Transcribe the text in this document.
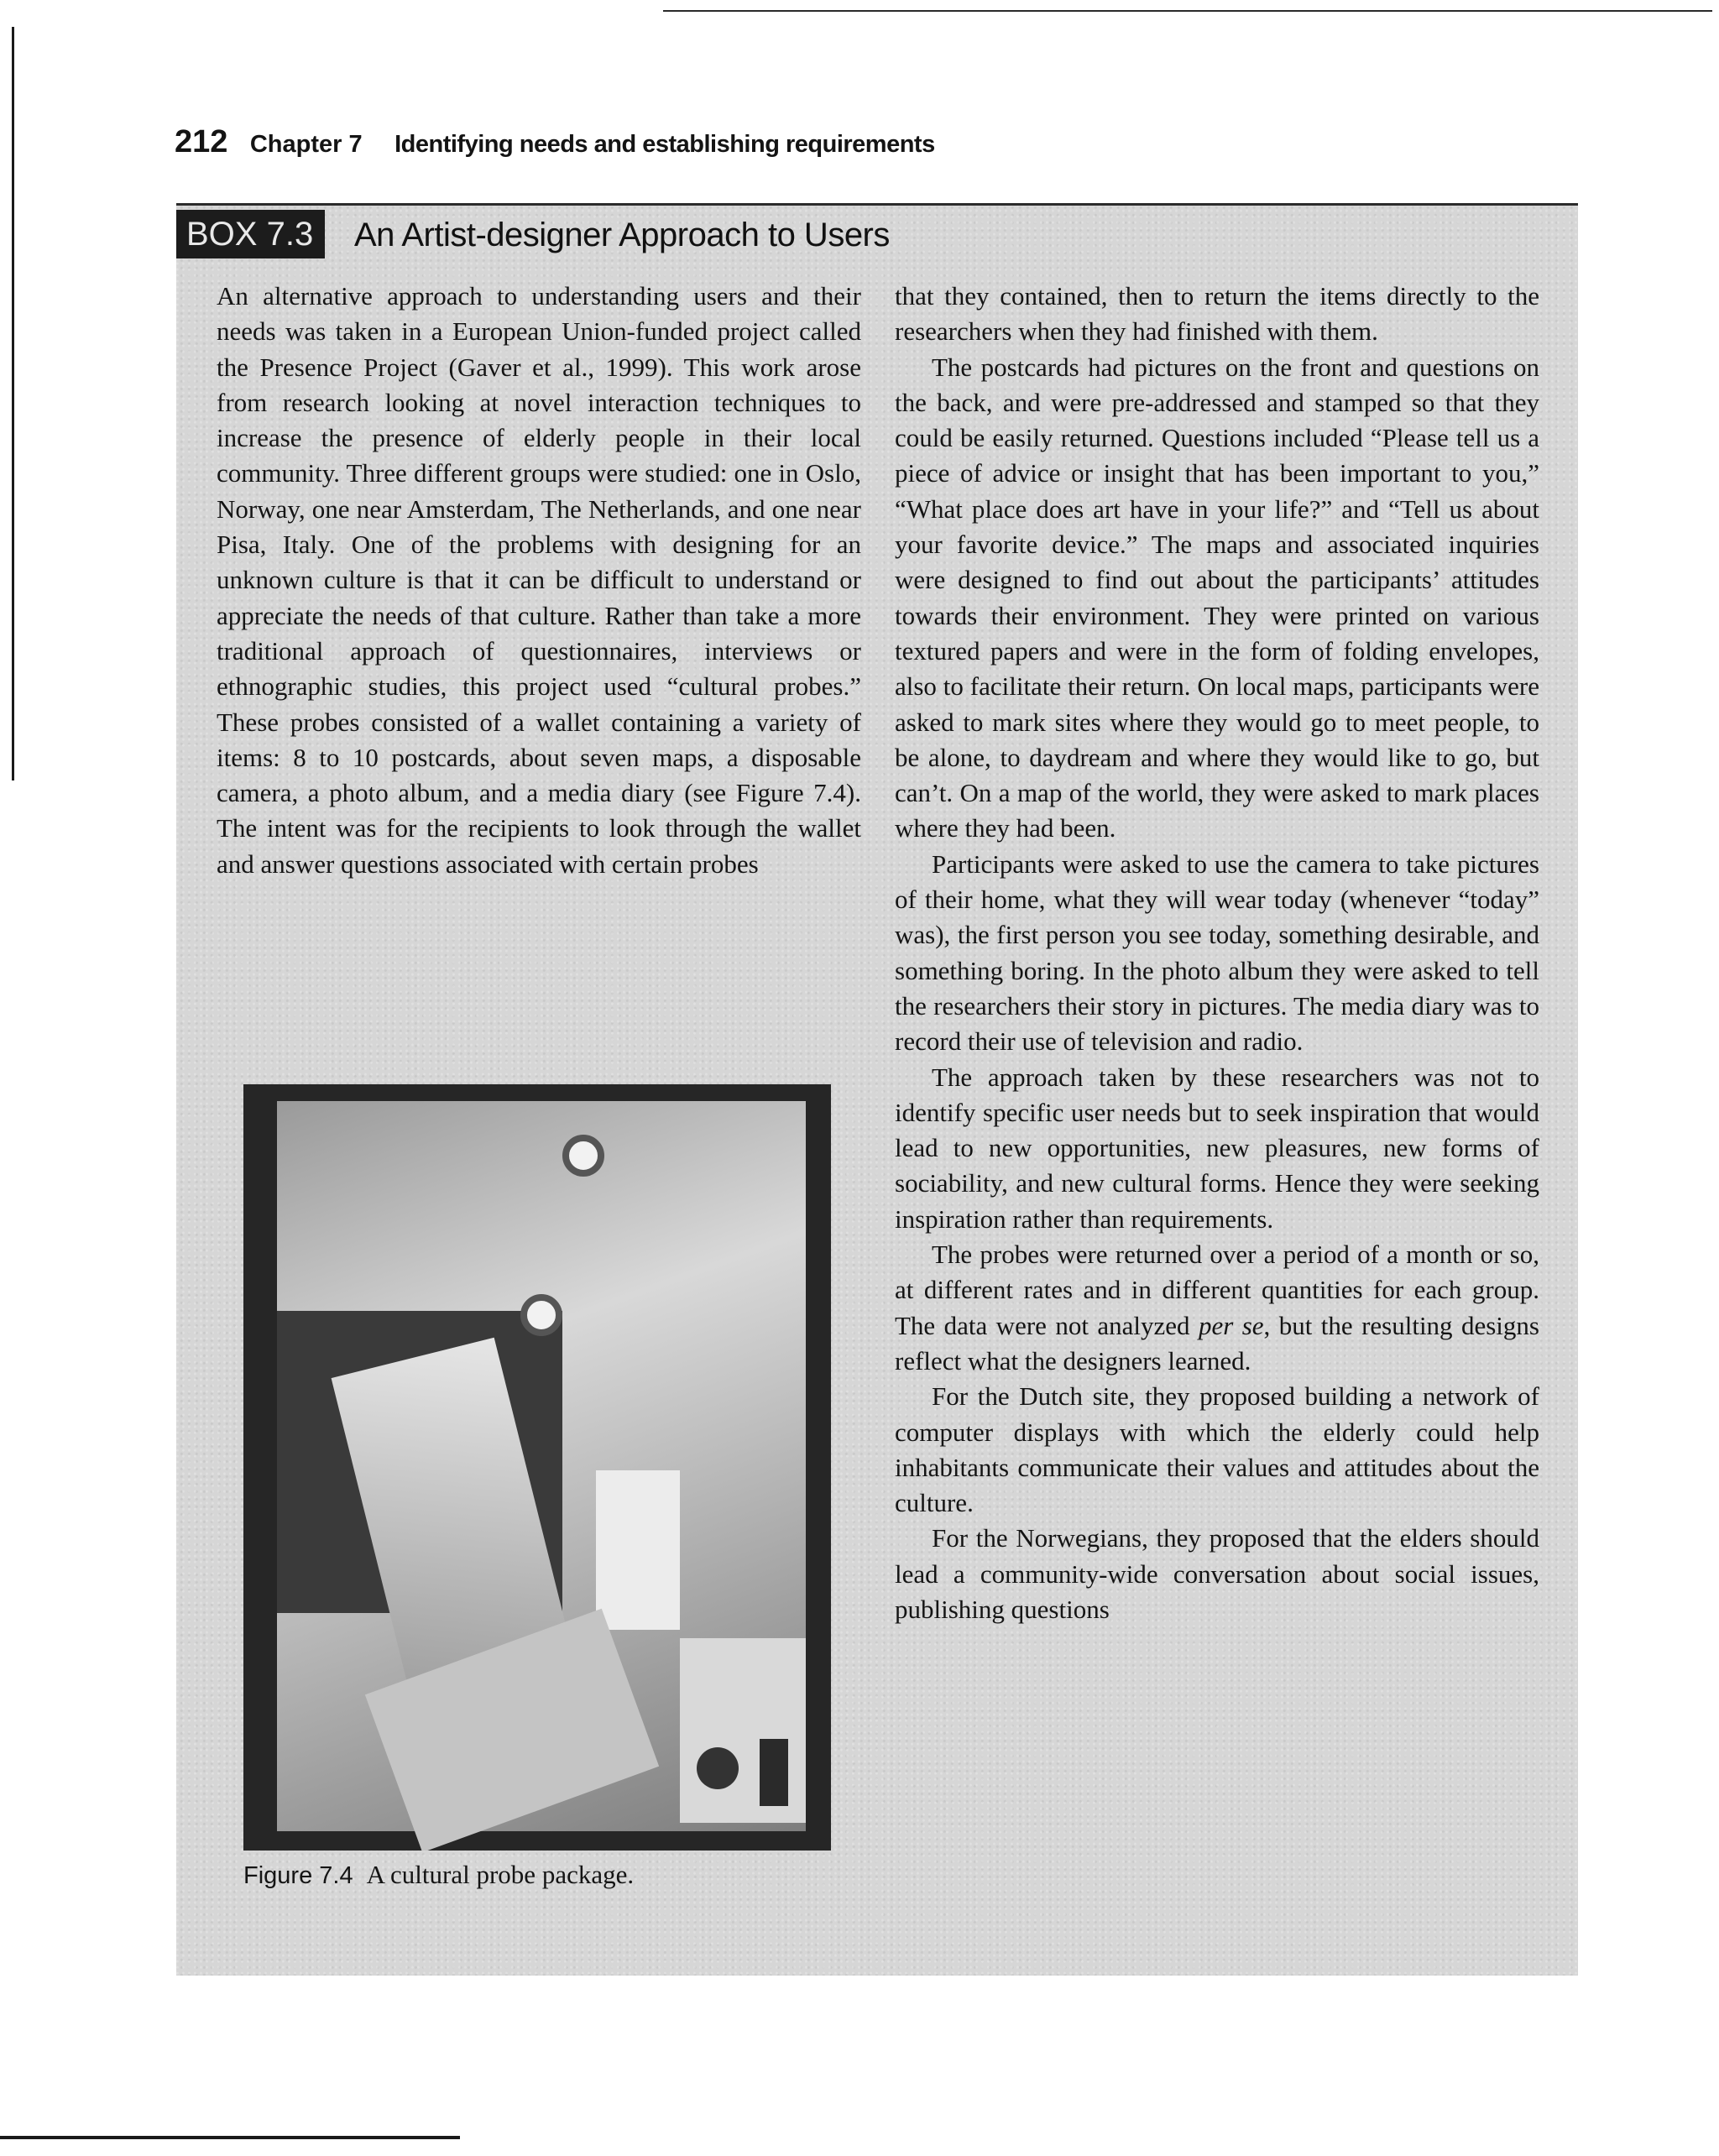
212 Chapter 7 Identifying needs and establishing requirements
BOX 7.3	An Artist-designer Approach to Users

An alternative approach to understanding users and their needs was taken in a European Union-funded project called the Presence Project (Gaver et al., 1999). This work arose from research looking at novel interaction techniques to increase the presence of elderly people in their local community. Three different groups were studied: one in Oslo, Norway, one near Amsterdam, The Netherlands, and one near Pisa, Italy. One of the problems with designing for an unknown culture is that it can be difficult to understand or appreciate the needs of that culture. Rather than take a more traditional approach of questionnaires, interviews or ethnographic studies, this project used “cultural probes.” These probes consisted of a wallet containing a variety of items: 8 to 10 postcards, about seven maps, a disposable camera, a photo album, and a media diary (see Figure 7.4). The intent was for the recipients to look through the wallet and answer questions associated with certain probes

Figure 7.4 A cultural probe package.

that they contained, then to return the items directly to the researchers when they had finished with them.

The postcards had pictures on the front and questions on the back, and were pre-addressed and stamped so that they could be easily returned. Questions included “Please tell us a piece of advice or insight that has been important to you,” “What place does art have in your life?” and “Tell us about your favorite device.” The maps and associated inquiries were designed to find out about the participants’ attitudes towards their environment. They were printed on various textured papers and were in the form of folding envelopes, also to facilitate their return. On local maps, participants were asked to mark sites where they would go to meet people, to be alone, to daydream and where they would like to go, but can’t. On a map of the world, they were asked to mark places where they had been.

Participants were asked to use the camera to take pictures of their home, what they will wear today (whenever “today” was), the first person you see today, something desirable, and something boring. In the photo album they were asked to tell the researchers their story in pictures. The media diary was to record their use of television and radio.

The approach taken by these researchers was not to identify specific user needs but to seek inspiration that would lead to new opportunities, new pleasures, new forms of sociability, and new cultural forms. Hence they were seeking inspiration rather than requirements.

The probes were returned over a period of a month or so, at different rates and in different quantities for each group. The data were not analyzed per se, but the resulting designs reflect what the designers learned.

For the Dutch site, they proposed building a network of computer displays with which the elderly could help inhabitants communicate their values and attitudes about the culture.

For the Norwegians, they proposed that the elders should lead a community-wide conversation about social issues, publishing questions
